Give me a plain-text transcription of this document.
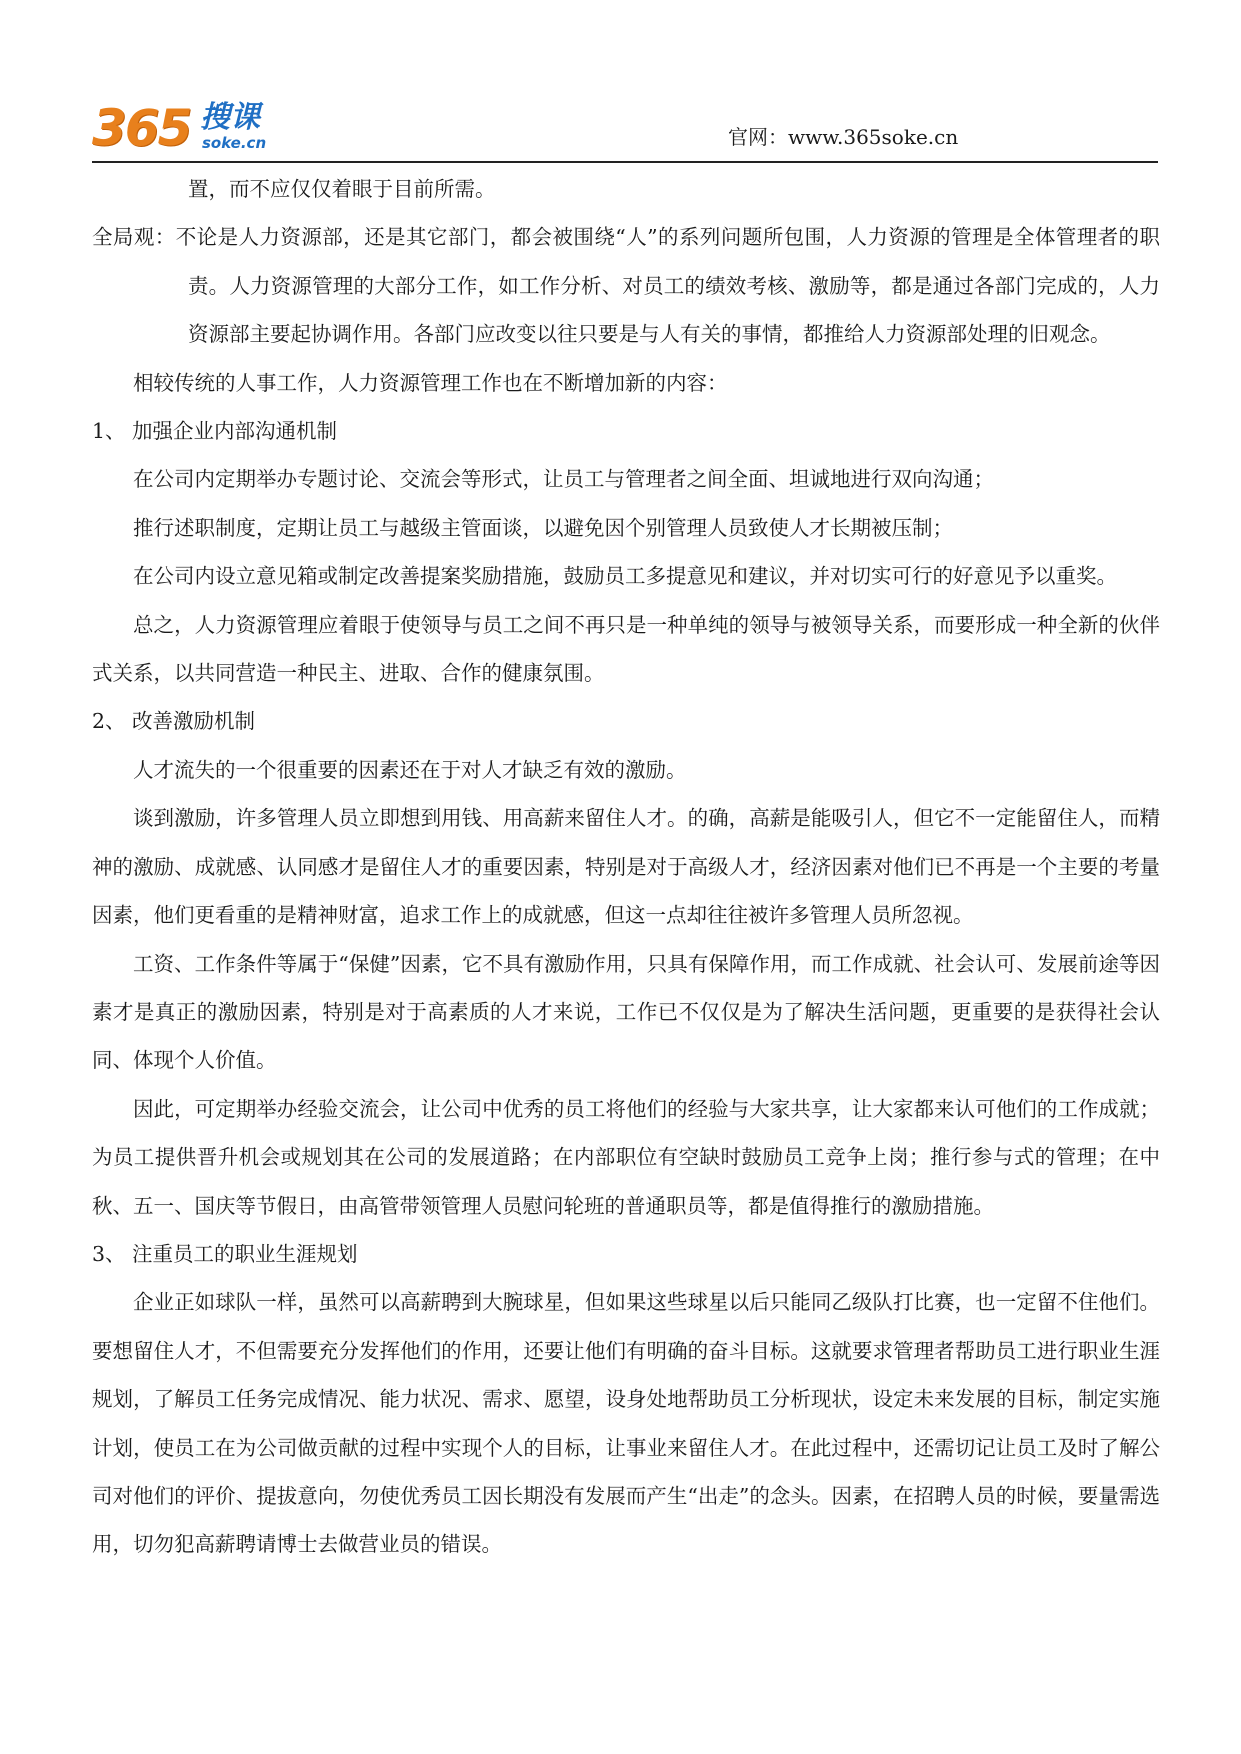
365 搜课
soke.cn	官网：www.365soke.cn

置，而不应仅仅着眼于目前所需。

全局观：不论是人力资源部，还是其它部门，都会被围绕“人”的系列问题所包围，人力资源的管理是全体管理者的职责。人力资源管理的大部分工作，如工作分析、对员工的绩效考核、激励等，都是通过各部门完成的，人力资源部主要起协调作用。各部门应改变以往只要是与人有关的事情，都推给人力资源部处理的旧观念。

相较传统的人事工作，人力资源管理工作也在不断增加新的内容：

1、 加强企业内部沟通机制

在公司内定期举办专题讨论、交流会等形式，让员工与管理者之间全面、坦诚地进行双向沟通；

推行述职制度，定期让员工与越级主管面谈，以避免因个别管理人员致使人才长期被压制；

在公司内设立意见箱或制定改善提案奖励措施，鼓励员工多提意见和建议，并对切实可行的好意见予以重奖。

总之，人力资源管理应着眼于使领导与员工之间不再只是一种单纯的领导与被领导关系，而要形成一种全新的伙伴式关系，以共同营造一种民主、进取、合作的健康氛围。

2、 改善激励机制

人才流失的一个很重要的因素还在于对人才缺乏有效的激励。

谈到激励，许多管理人员立即想到用钱、用高薪来留住人才。的确，高薪是能吸引人，但它不一定能留住人，而精神的激励、成就感、认同感才是留住人才的重要因素，特别是对于高级人才，经济因素对他们已不再是一个主要的考量因素，他们更看重的是精神财富，追求工作上的成就感，但这一点却往往被许多管理人员所忽视。

工资、工作条件等属于“保健”因素，它不具有激励作用，只具有保障作用，而工作成就、社会认可、发展前途等因素才是真正的激励因素，特别是对于高素质的人才来说，工作已不仅仅是为了解决生活问题，更重要的是获得社会认同、体现个人价值。

因此，可定期举办经验交流会，让公司中优秀的员工将他们的经验与大家共享，让大家都来认可他们的工作成就；为员工提供晋升机会或规划其在公司的发展道路；在内部职位有空缺时鼓励员工竞争上岗；推行参与式的管理；在中秋、五一、国庆等节假日，由高管带领管理人员慰问轮班的普通职员等，都是值得推行的激励措施。

3、 注重员工的职业生涯规划

企业正如球队一样，虽然可以高薪聘到大腕球星，但如果这些球星以后只能同乙级队打比赛，也一定留不住他们。要想留住人才，不但需要充分发挥他们的作用，还要让他们有明确的奋斗目标。这就要求管理者帮助员工进行职业生涯规划，了解员工任务完成情况、能力状况、需求、愿望，设身处地帮助员工分析现状，设定未来发展的目标，制定实施计划，使员工在为公司做贡献的过程中实现个人的目标，让事业来留住人才。在此过程中，还需切记让员工及时了解公司对他们的评价、提拔意向，勿使优秀员工因长期没有发展而产生“出走”的念头。因素，在招聘人员的时候，要量需选用，切勿犯高薪聘请博士去做营业员的错误。
